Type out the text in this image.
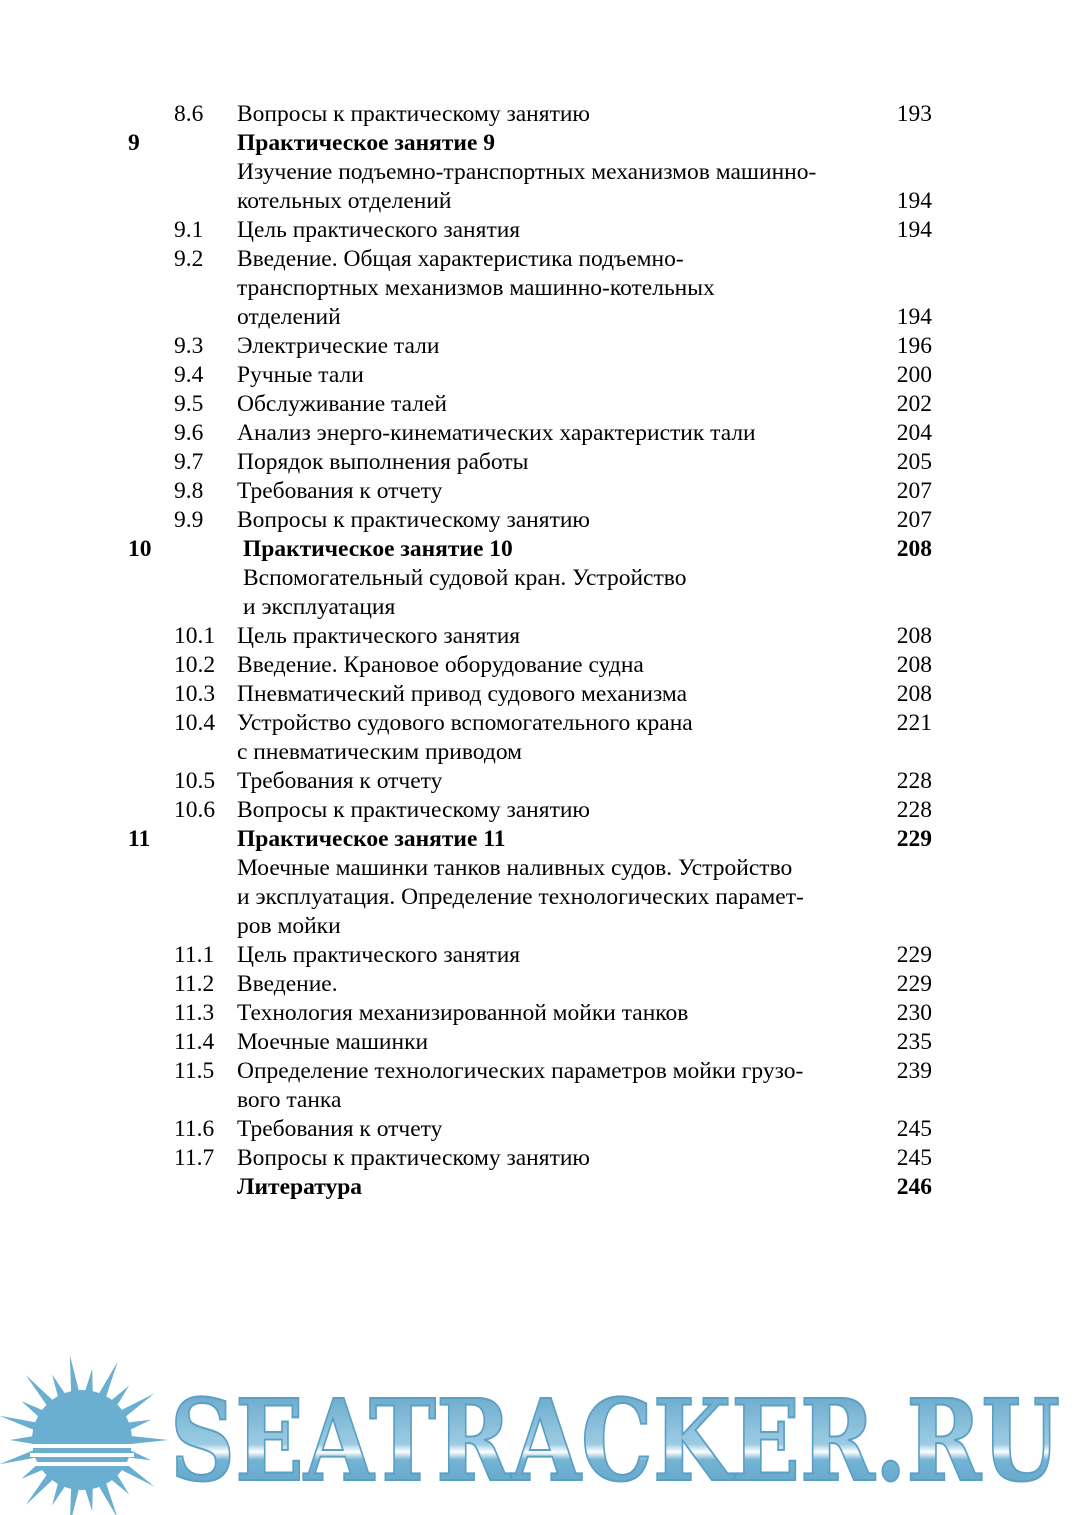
8.6	Вопросы к практическому занятию	193
9	Практическое занятие 9
Изучение подъемно-транспортных механизмов машинно-
котельных отделений	194
9.1	Цель практического занятия	194
9.2	Введение. Общая характеристика подъемно-
транспортных механизмов машинно-котельных
отделений	194
9.3	Электрические тали	196
9.4	Ручные тали	200
9.5	Обслуживание талей	202
9.6	Анализ энерго-кинематических характеристик тали	204
9.7	Порядок выполнения работы	205
9.8	Требования к отчету	207
9.9	Вопросы к практическому занятию	207
10	Практическое занятие 10	208
Вспомогательный судовой кран. Устройство
и эксплуатация
10.1 Цель практического занятия	208
10.2 Введение. Крановое оборудование судна	208
10.3 Пневматический привод судового механизма	208
10.4 Устройство судового вспомогательного крана	221
с пневматическим приводом
10.5 Требования к отчету	228
10.6 Вопросы к практическому занятию	228
11	Практическое занятие 11	229
Моечные машинки танков наливных судов. Устройство
и эксплуатация. Определение технологических парамет-
ров мойки
11.1 Цель практического занятия	229
11.2 Введение.	229
11.3 Технология механизированной мойки танков	230
11.4 Моечные машинки	235
11.5 Определение технологических параметров мойки грузо-	239
вого танка
11.6 Требования к отчету	245
11.7 Вопросы к практическому занятию	245
Литература	246
SEATRACKER.RU
